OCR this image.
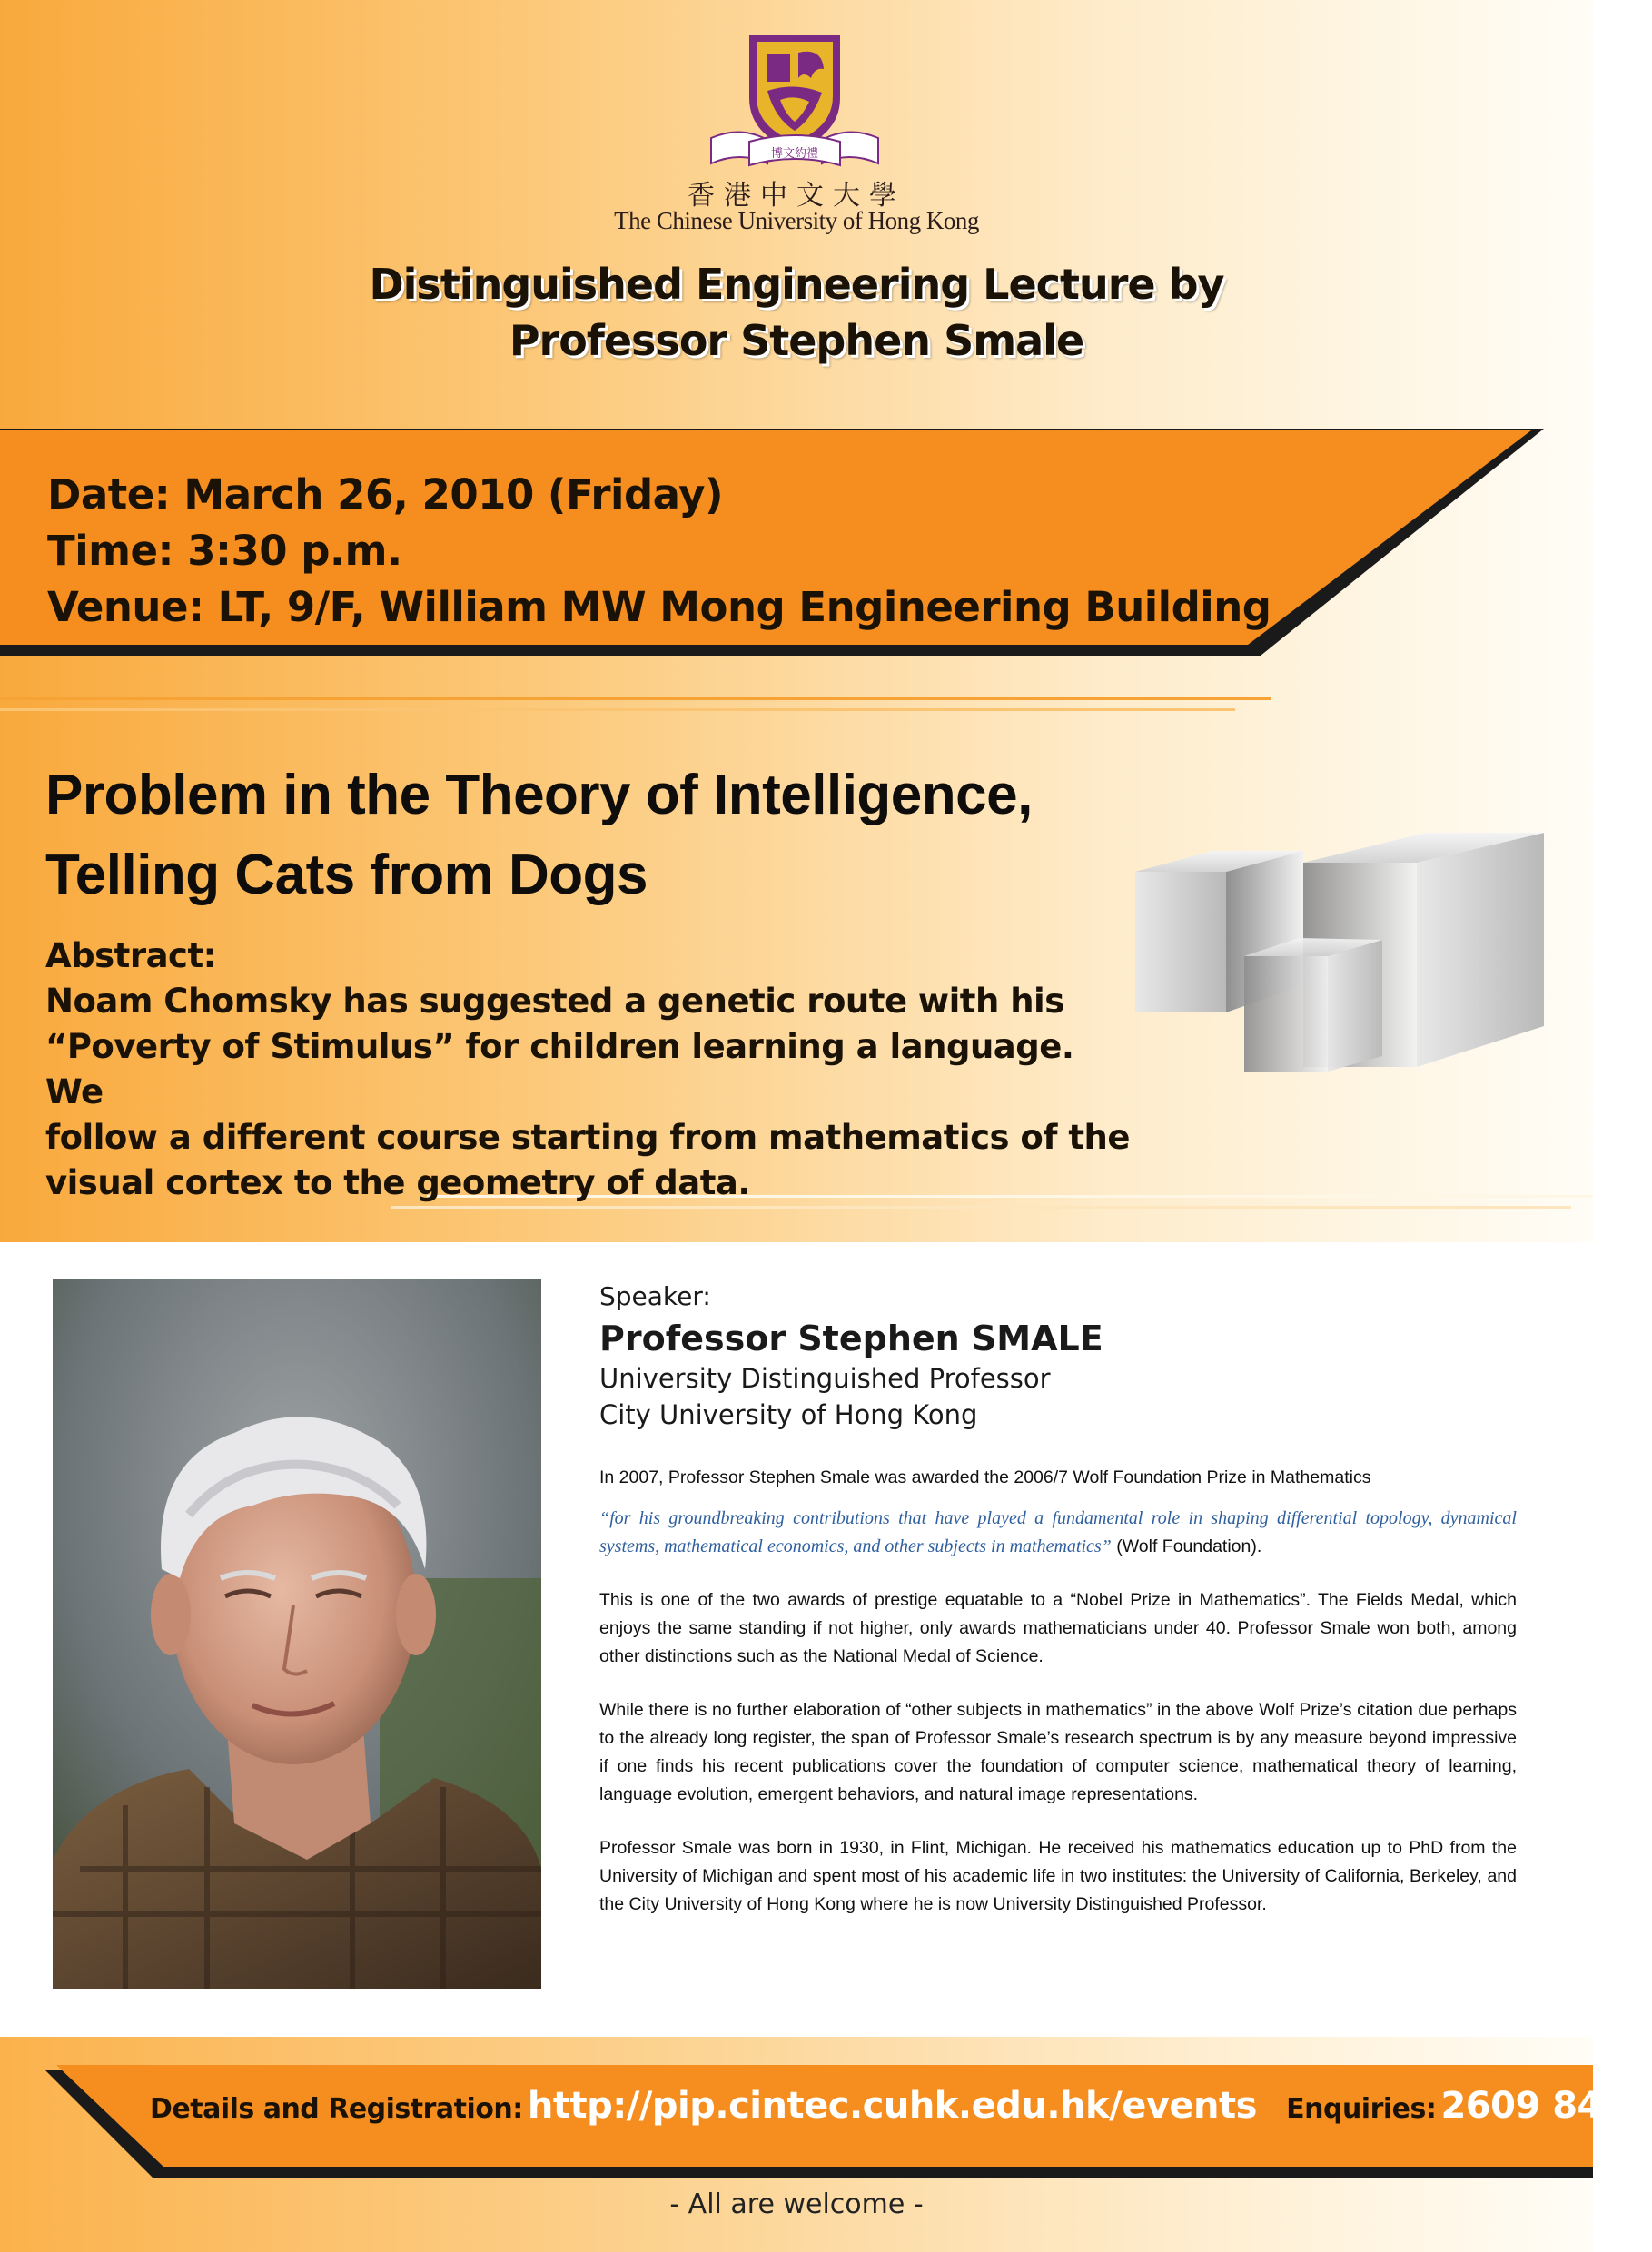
博文約禮
香港中文大學
The Chinese University of Hong Kong
Distinguished Engineering Lecture by
Professor Stephen Smale
Date: March 26, 2010 (Friday)
Time: 3:30 p.m.
Venue: LT, 9/F, William MW Mong Engineering Building
Problem in the Theory of Intelligence,
Telling Cats from Dogs
Abstract:
Noam Chomsky has suggested a genetic route with his
“Poverty of Stimulus” for children learning a language. We
follow a different course starting from mathematics of the
visual cortex to the geometry of data.
Speaker:
Professor Stephen SMALE
University Distinguished Professor
City University of Hong Kong

In 2007, Professor Stephen Smale was awarded the 2006/7 Wolf Foundation Prize in Mathematics

“for his groundbreaking contributions that have played a fundamental role in shaping differential topology, dynamical systems, mathematical economics, and other subjects in mathematics” (Wolf Foundation).

This is one of the two awards of prestige equatable to a “Nobel Prize in Mathematics”. The Fields Medal, which enjoys the same standing if not higher, only awards mathematicians under 40. Professor Smale won both, among other distinctions such as the National Medal of Science.

While there is no further elaboration of “other subjects in mathematics” in the above Wolf Prize’s citation due perhaps to the already long register, the span of Professor Smale’s research spectrum is by any measure beyond impressive if one finds his recent publications cover the foundation of computer science, mathematical theory of learning, language evolution, emergent behaviors, and natural image representations.

Professor Smale was born in 1930, in Flint, Michigan. He received his mathematics education up to PhD from the University of Michigan and spent most of his academic life in two institutes: the University of California, Berkeley, and the City University of Hong Kong where he is now University Distinguished Professor.

Details and Registration: http://pip.cintec.cuhk.edu.hk/events Enquiries: 2609 8446
- All are welcome -
